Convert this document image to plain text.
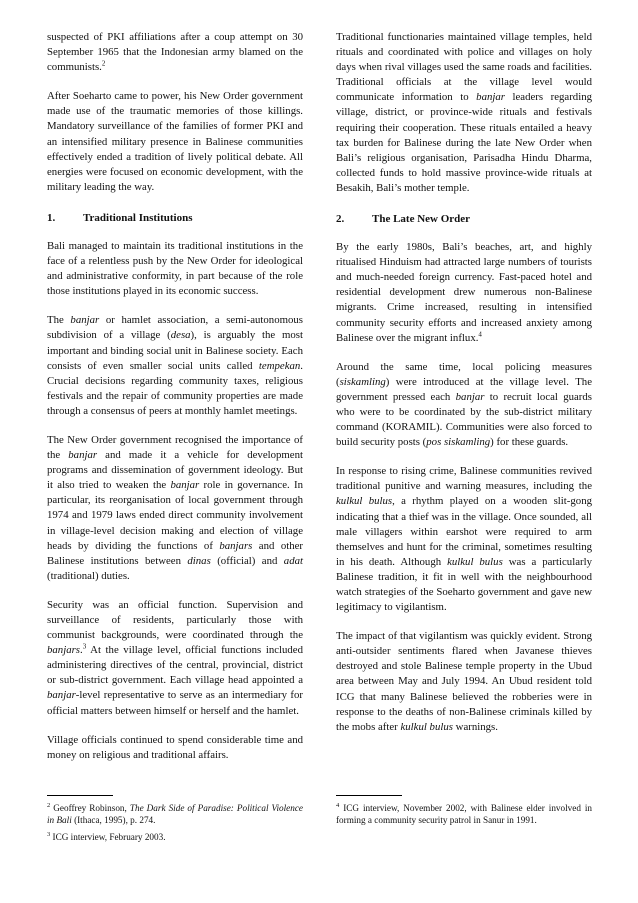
suspected of PKI affiliations after a coup attempt on 30 September 1965 that the Indonesian army blamed on the communists.$^2$

After Soeharto came to power, his New Order government made use of the traumatic memories of those killings. Mandatory surveillance of the families of former PKI and an intensified military presence in Balinese communities effectively ended a tradition of lively political debate. All energies were focused on economic development, with the military leading the way.

1.	Traditional Institutions

Bali managed to maintain its traditional institutions in the face of a relentless push by the New Order for ideological and administrative conformity, in part because of the role those institutions played in its economic success.

The banjar or hamlet association, a semi-autonomous subdivision of a village (desa), is arguably the most important and binding social unit in Balinese society. Each consists of even smaller social units called tempekan. Crucial decisions regarding community taxes, religious festivals and the repair of community properties are made through a consensus of peers at monthly hamlet meetings.

The New Order government recognised the importance of the banjar and made it a vehicle for development programs and dissemination of government ideology. But it also tried to weaken the banjar role in governance. In particular, its reorganisation of local government through 1974 and 1979 laws ended direct community involvement in village-level decision making and election of village heads by dividing the functions of banjars and other Balinese institutions between dinas (official) and adat (traditional) duties.

Security was an official function. Supervision and surveillance of residents, particularly those with communist backgrounds, were coordinated through the banjars.$^3$ At the village level, official functions included administering directives of the central, provincial, district or sub-district government. Each village head appointed a banjar-level representative to serve as an intermediary for official matters between himself or herself and the hamlet.

Village officials continued to spend considerable time and money on religious and traditional affairs.

$^2$ Geoffrey Robinson, The Dark Side of Paradise: Political Violence in Bali (Ithaca, 1995), p. 274.
$^3$ ICG interview, February 2003.

Traditional functionaries maintained village temples, held rituals and coordinated with police and villages on holy days when rival villages used the same roads and facilities. Traditional officials at the village level would communicate information to banjar leaders regarding village, district, or province-wide rituals and festivals requiring their cooperation. These rituals entailed a heavy tax burden for Balinese during the late New Order when Bali’s religious organisation, Parisadha Hindu Dharma, collected funds to hold massive province-wide rituals at Besakih, Bali’s mother temple.

2.	The Late New Order

By the early 1980s, Bali’s beaches, art, and highly ritualised Hinduism had attracted large numbers of tourists and much-needed foreign currency. Fast-paced hotel and residential development drew numerous non-Balinese migrants. Crime increased, resulting in intensified community security efforts and increased anxiety among Balinese over the migrant influx.$^4$

Around the same time, local policing measures (siskamling) were introduced at the village level. The government pressed each banjar to recruit local guards who were to be coordinated by the sub-district military command (KORAMIL). Communities were also forced to build security posts (pos siskamling) for these guards.

In response to rising crime, Balinese communities revived traditional punitive and warning measures, including the kulkul bulus, a rhythm played on a wooden slit-gong indicating that a thief was in the village. Once sounded, all male villagers within earshot were required to arm themselves and hunt for the criminal, sometimes resulting in his death. Although kulkul bulus was a particularly Balinese tradition, it fit in well with the neighbourhood watch strategies of the Soeharto government and gave new legitimacy to vigilantism.

The impact of that vigilantism was quickly evident. Strong anti-outsider sentiments flared when Javanese thieves destroyed and stole Balinese temple property in the Ubud area between May and July 1994. An Ubud resident told ICG that many Balinese believed the robberies were in response to the deaths of non-Balinese criminals killed by the mobs after kulkul bulus warnings.

$^4$ ICG interview, November 2002, with Balinese elder involved in forming a community security patrol in Sanur in 1991.
